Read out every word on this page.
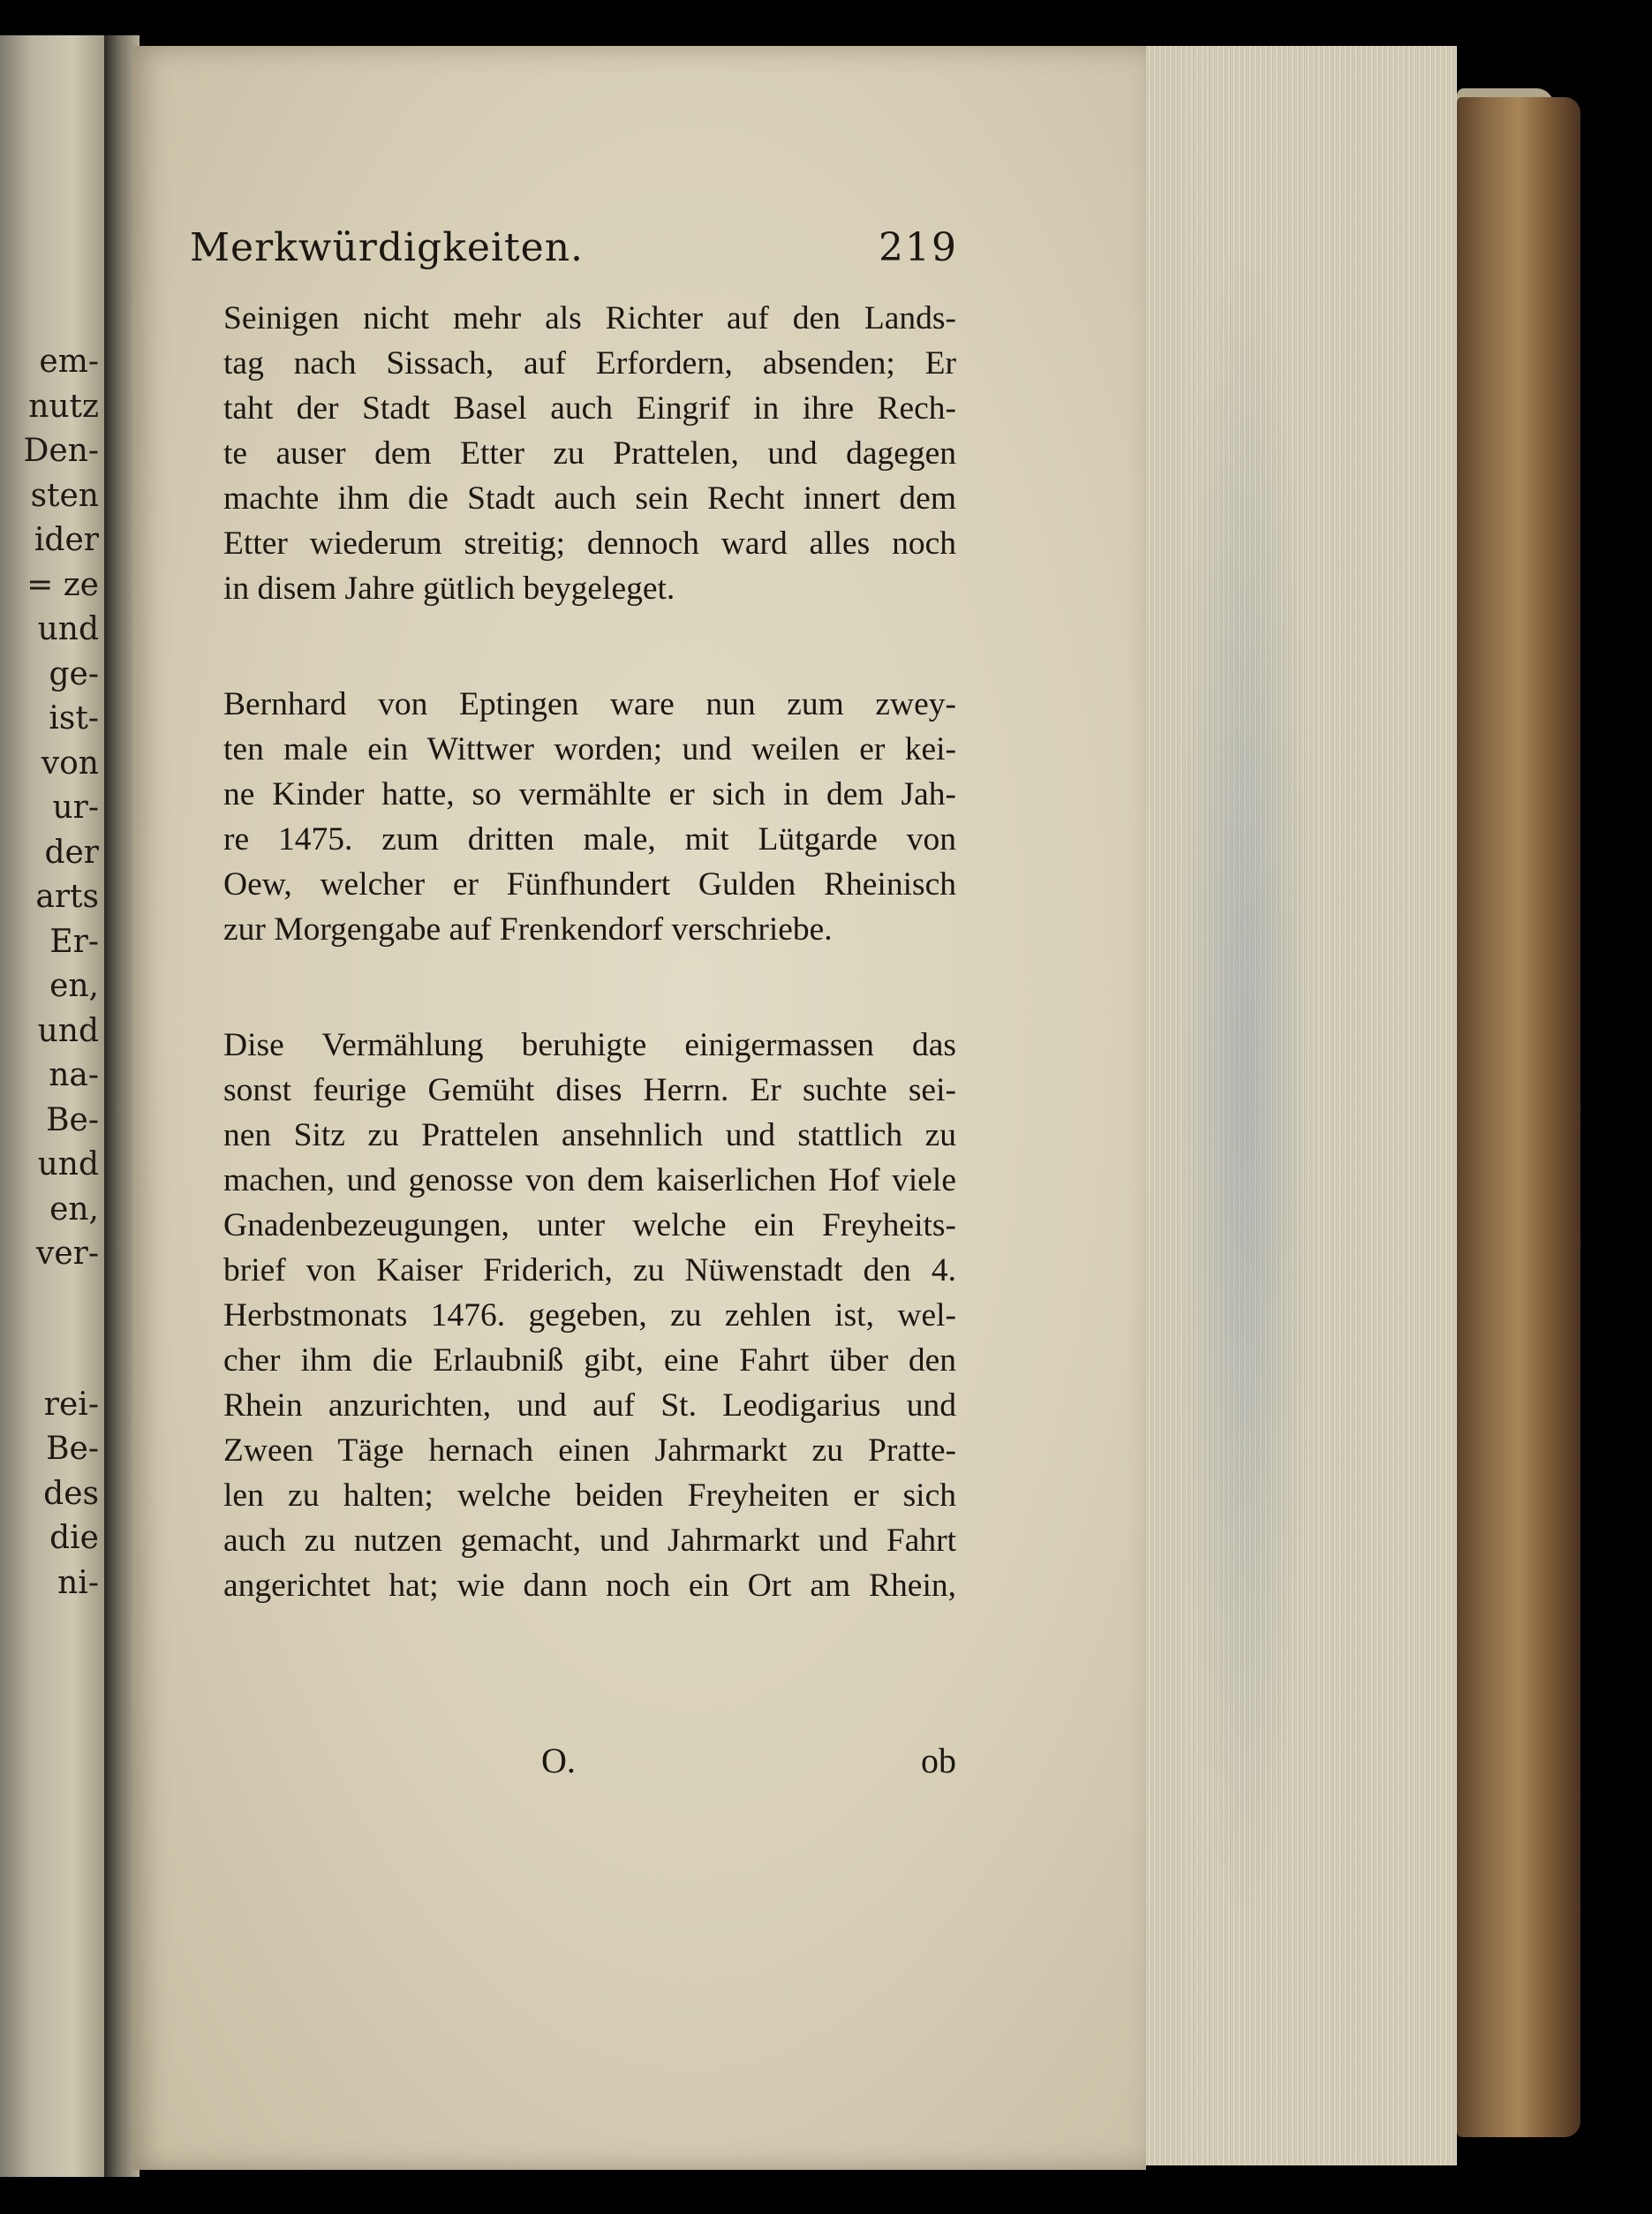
em-
nutz
Den-
sten
ider
= ze
und
ge-
ist-
von
ur-
der
arts
Er-
en,
und
na-
Be-
und
en,
ver-
rei-
Be-
des
die
ni-
Merkwürdigkeiten.	219
Seinigen nicht mehr als Richter auf den Lands-
tag nach Sissach, auf Erfordern, absenden; Er
taht der Stadt Basel auch Eingrif in ihre Rech-
te auser dem Etter zu Prattelen, und dagegen
machte ihm die Stadt auch sein Recht innert dem
Etter wiederum streitig; dennoch ward alles noch
in disem Jahre gütlich beygeleget.
Bernhard von Eptingen ware nun zum zwey-
ten male ein Wittwer worden; und weilen er kei-
ne Kinder hatte, so vermählte er sich in dem Jah-
re 1475. zum dritten male, mit Lütgarde von
Oew, welcher er Fünfhundert Gulden Rheinisch
zur Morgengabe auf Frenkendorf verschriebe.
Dise Vermählung beruhigte einigermassen das
sonst feurige Gemüht dises Herrn. Er suchte sei-
nen Sitz zu Prattelen ansehnlich und stattlich zu
machen, und genosse von dem kaiserlichen Hof viele
Gnadenbezeugungen, unter welche ein Freyheits-
brief von Kaiser Friderich, zu Nüwenstadt den 4.
Herbstmonats 1476. gegeben, zu zehlen ist, wel-
cher ihm die Erlaubniß gibt, eine Fahrt über den
Rhein anzurichten, und auf St. Leodigarius und
Zween Täge hernach einen Jahrmarkt zu Pratte-
len zu halten; welche beiden Freyheiten er sich
auch zu nutzen gemacht, und Jahrmarkt und Fahrt
angerichtet hat; wie dann noch ein Ort am Rhein,
O.	ob
